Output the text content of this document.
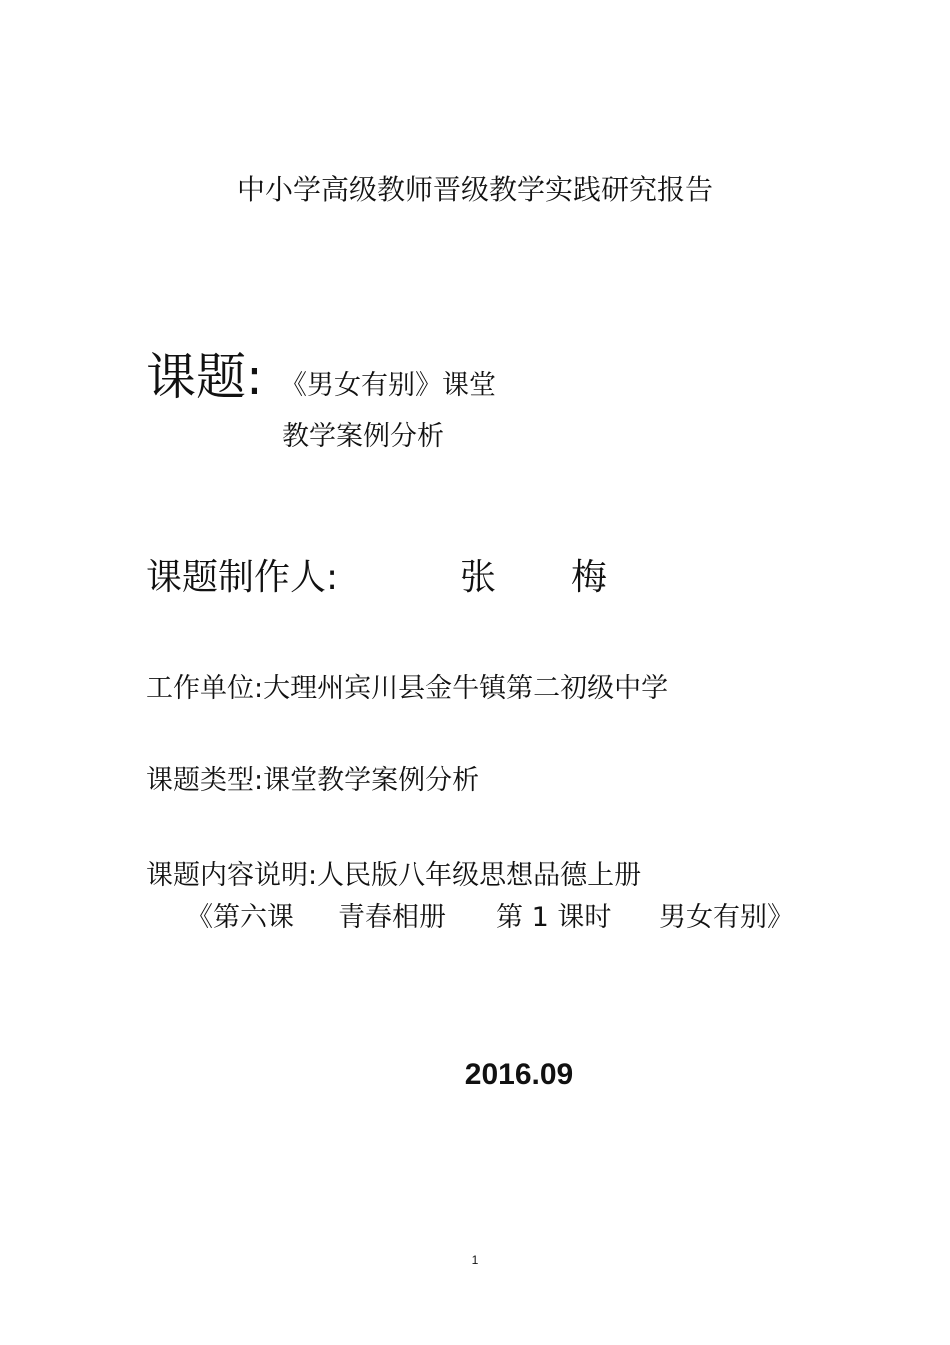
中小学高级教师晋级教学实践研究报告
课题: 《男女有别》课堂
教学案例分析
课题制作人:	张 梅
工作单位:大理州宾川县金牛镇第二初级中学
课题类型:课堂教学案例分析
课题内容说明:人民版八年级思想品德上册
《第六课 青春相册 第 1 课时 男女有别》
2016.09
1
